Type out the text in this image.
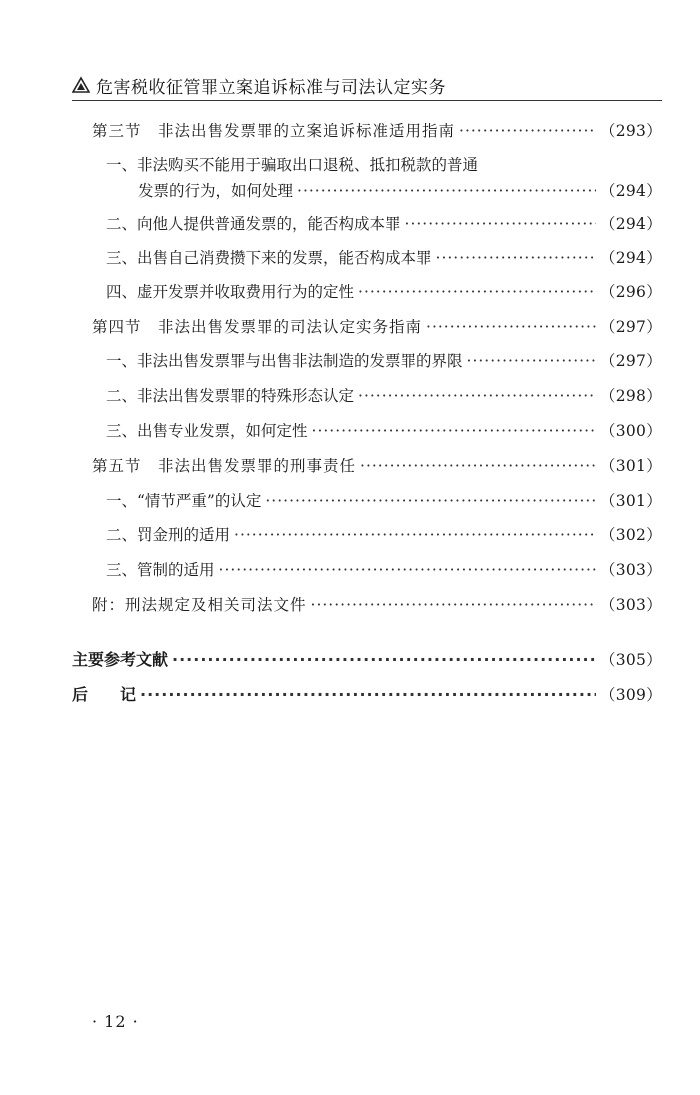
危害税收征管罪立案追诉标准与司法认定实务
第三节　非法出售发票罪的立案追诉标准适用指南 ·····	（293）
一、非法购买不能用于骗取出口退税、抵扣税款的普通
发票的行为，如何处理 ·····	（294）
二、向他人提供普通发票的，能否构成本罪 ·····	（294）
三、出售自己消费攒下来的发票，能否构成本罪 ·····	（294）
四、虚开发票并收取费用行为的定性 ·····	（296）
第四节　非法出售发票罪的司法认定实务指南 ·····	（297）
一、非法出售发票罪与出售非法制造的发票罪的界限 ·····	（297）
二、非法出售发票罪的特殊形态认定 ·····	（298）
三、出售专业发票，如何定性 ·····	（300）
第五节　非法出售发票罪的刑事责任 ·····	（301）
一、“情节严重”的认定 ·····	（301）
二、罚金刑的适用 ·····	（302）
三、管制的适用 ·····	（303）
附：刑法规定及相关司法文件 ·····	（303）
主要参考文献 ·····	（305）
后　　记 ·····	（309）
· 12 ·
